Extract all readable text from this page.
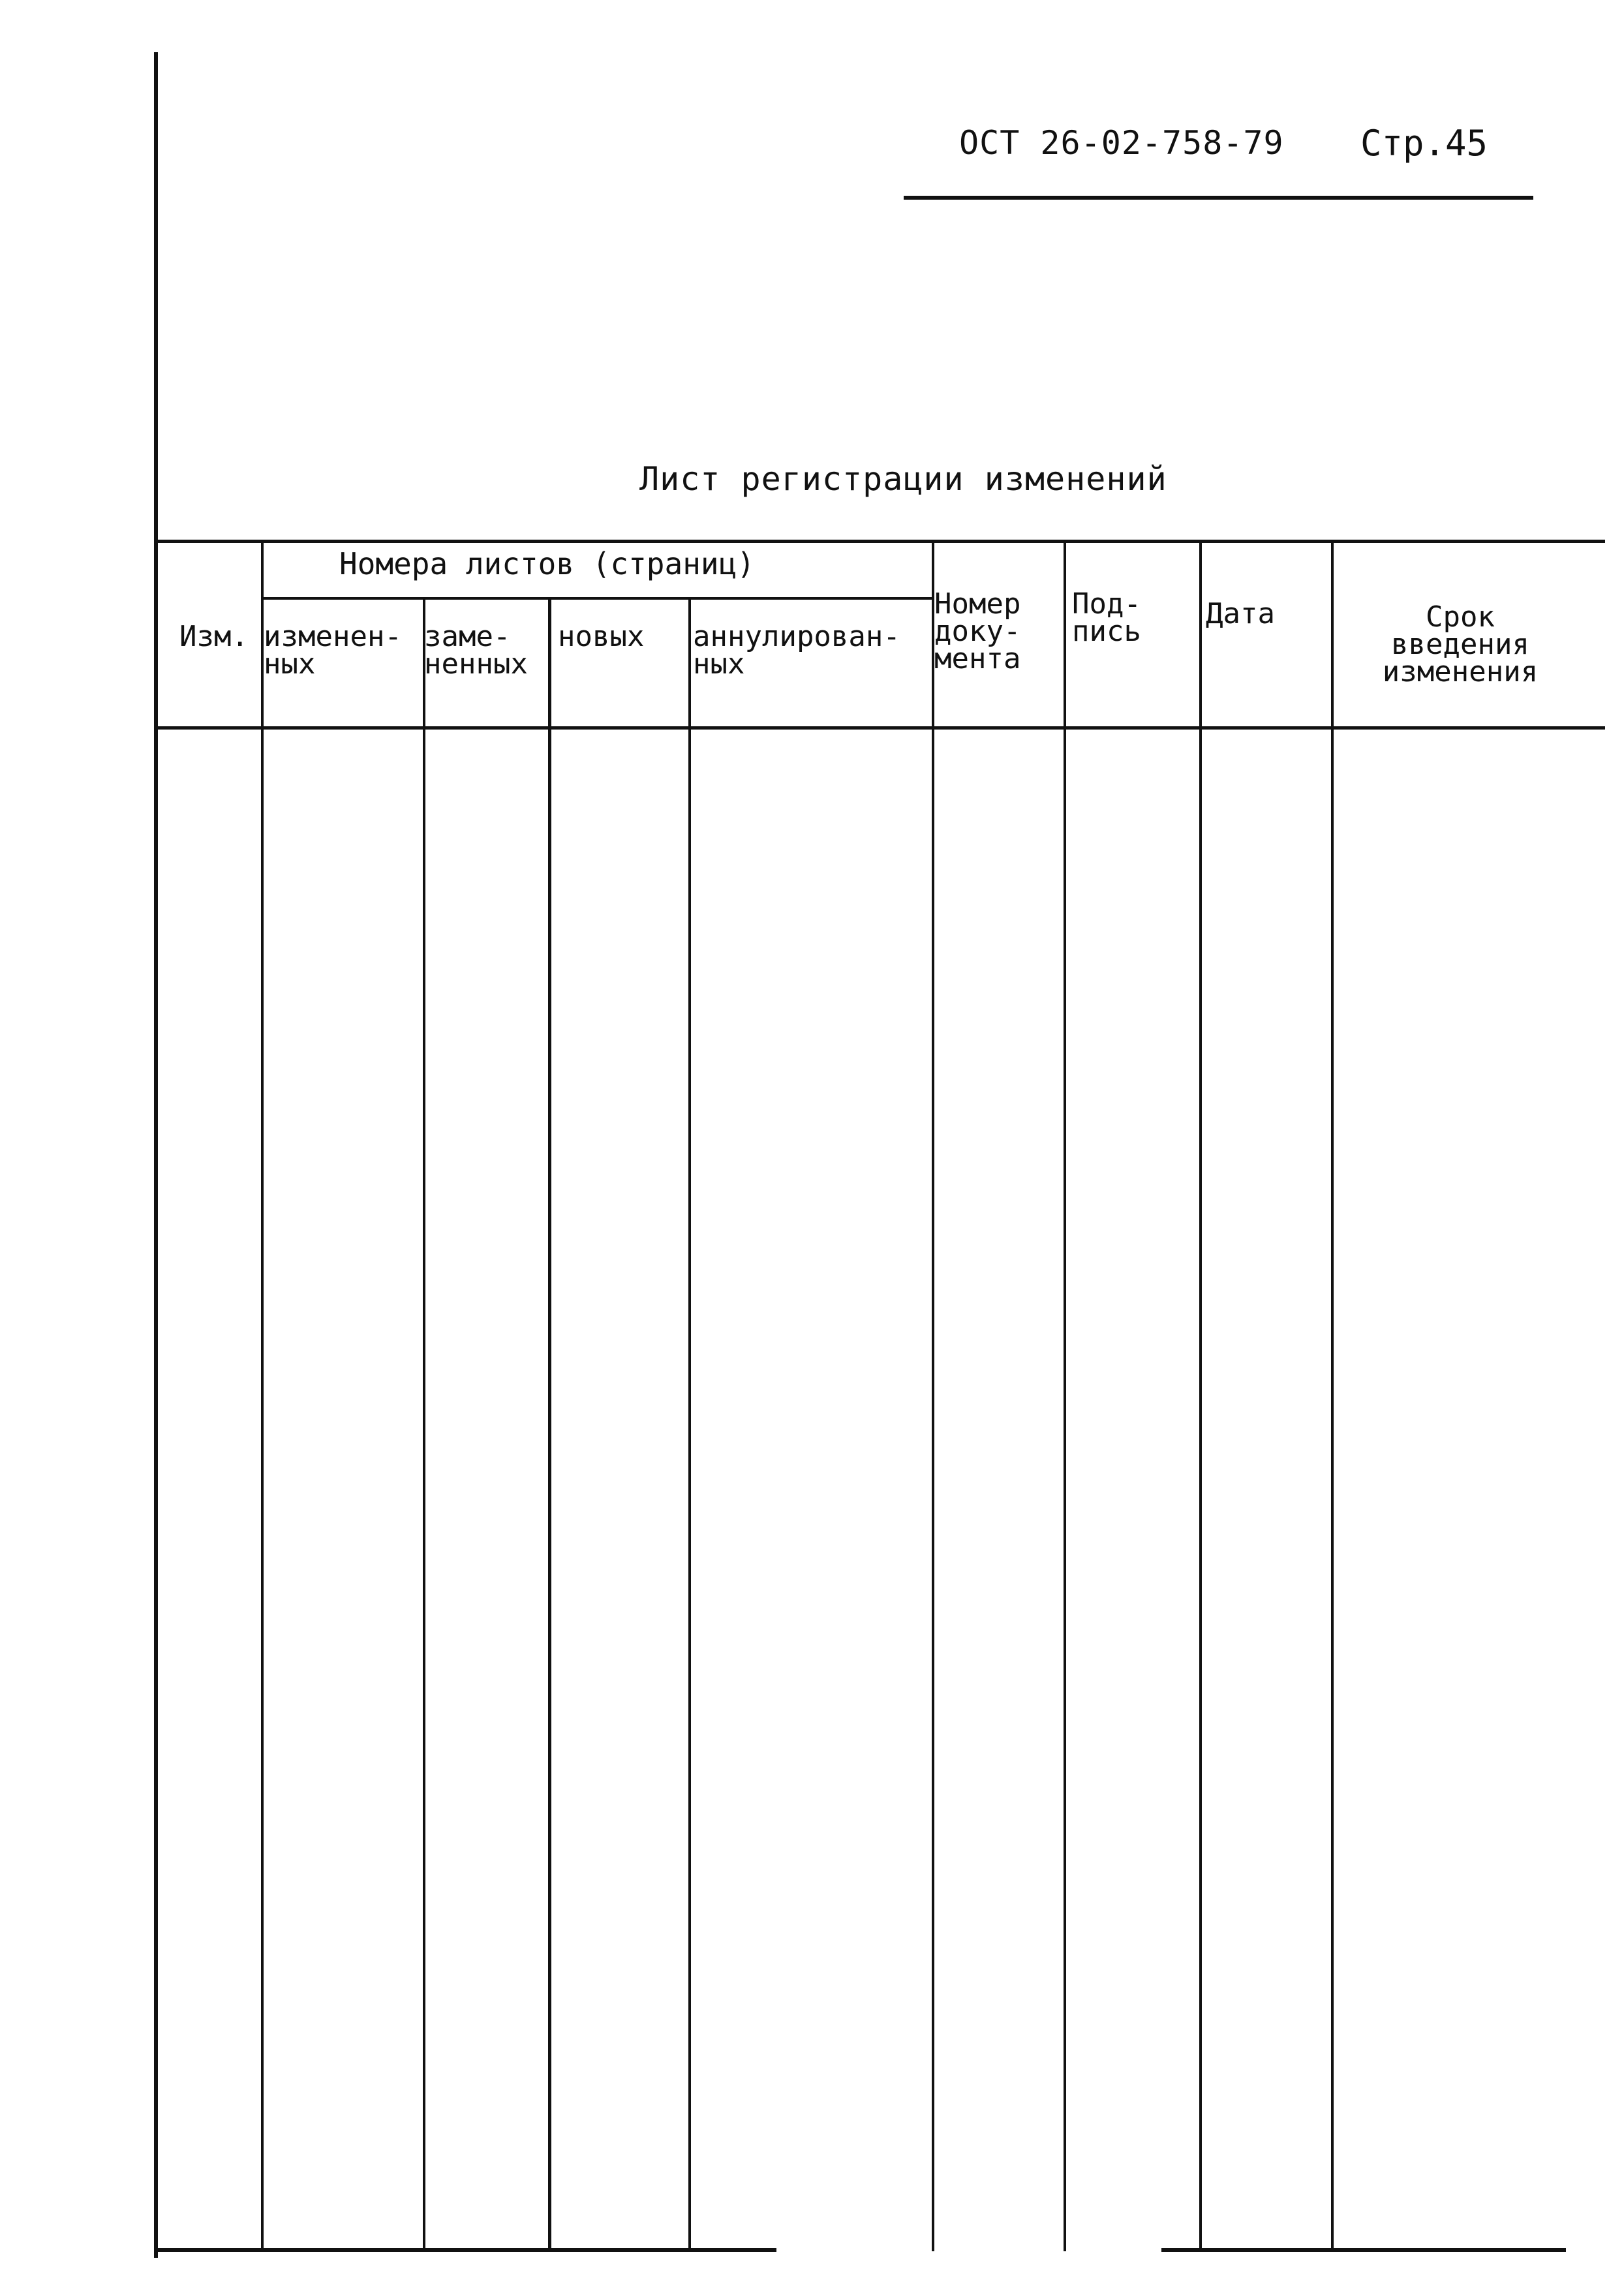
ОСТ 26-02-758-79 Стр.45
Лист регистрации изменений
Номера листов (страниц)
Изм. изменен-
ных
заме-
ненных
новых аннулирован-
ных
Номер
доку-
мента
Под-
пись
Дата	Срок
введения
изменения
